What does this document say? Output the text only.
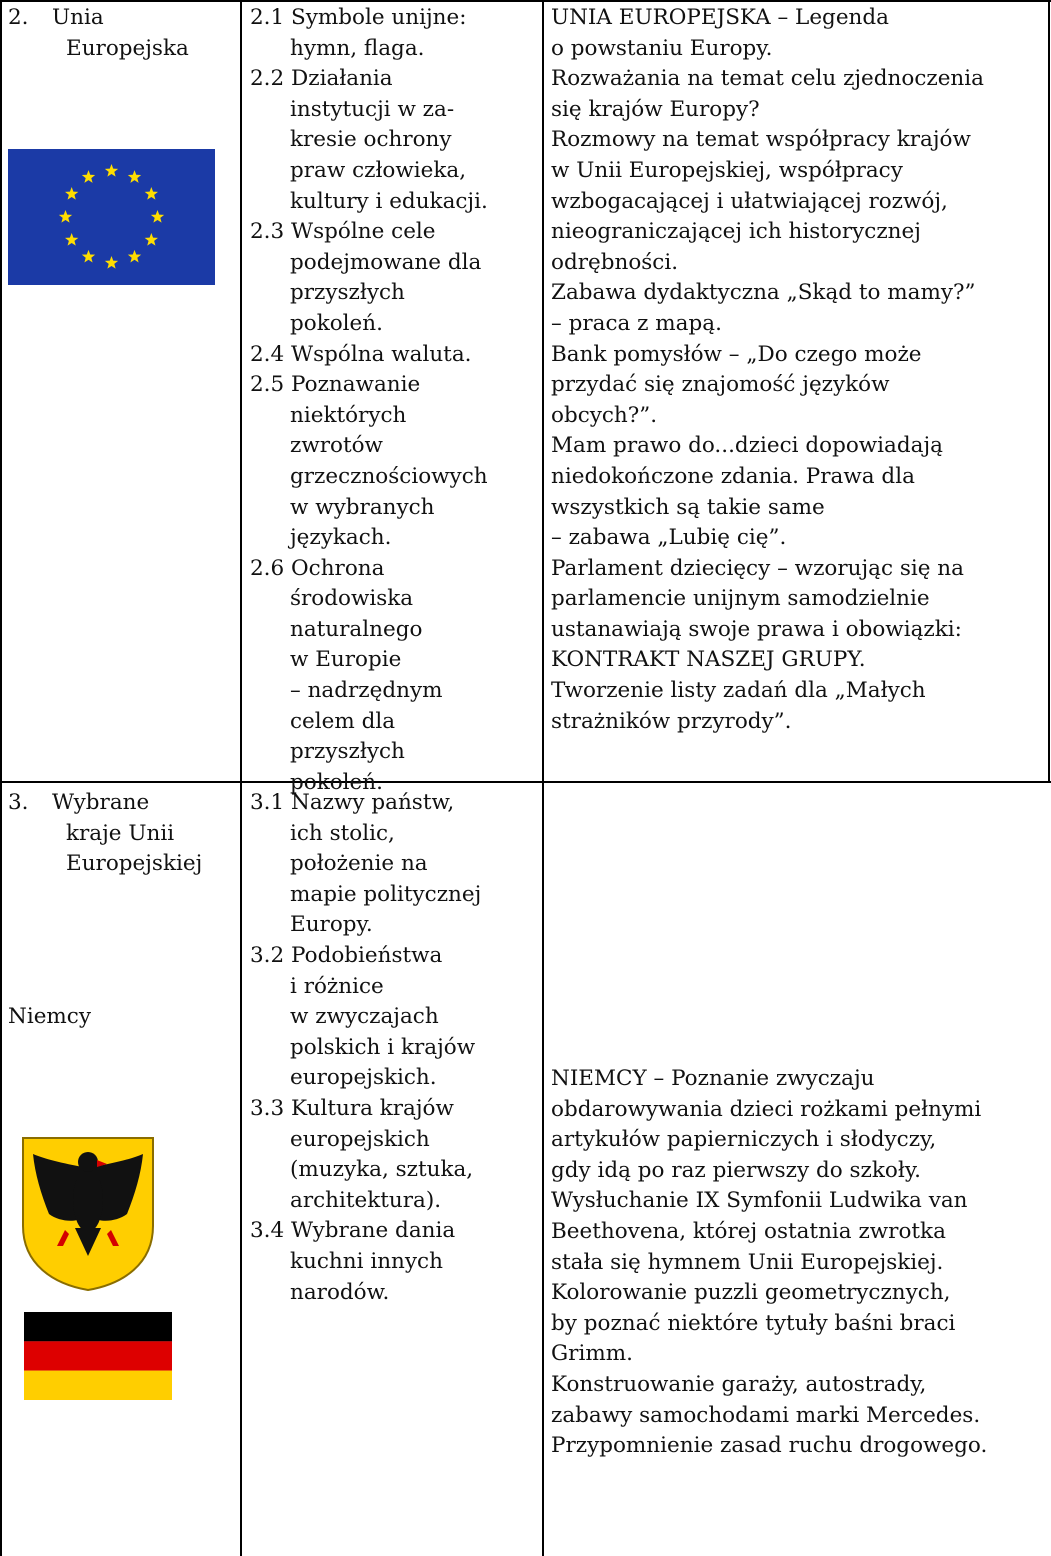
2. Unia

Europejska

2.1 Symbole unijne:

hymn, flaga.

2.2 Działania

instytucji w za-

kresie ochrony

praw człowieka,

kultury i edukacji.

2.3 Wspólne cele

podejmowane dla

przyszłych

pokoleń.

2.4 Wspólna waluta.

2.5 Poznawanie

niektórych

zwrotów

grzecznościowych

w wybranych

językach.

2.6 Ochrona

środowiska

naturalnego

w Europie

– nadrzędnym

celem dla

przyszłych

pokoleń.

UNIA EUROPEJSKA – Legenda

o powstaniu Europy.

Rozważania na temat celu zjednoczenia

się krajów Europy?

Rozmowy na temat współpracy krajów

w Unii Europejskiej, współpracy

wzbogacającej i ułatwiającej rozwój,

nieograniczającej ich historycznej

odrębności.

Zabawa dydaktyczna „Skąd to mamy?”

– praca z mapą.

Bank pomysłów – „Do czego może

przydać się znajomość języków

obcych?”.

Mam prawo do...dzieci dopowiadają

niedokończone zdania. Prawa dla

wszystkich są takie same

– zabawa „Lubię cię”.

Parlament dziecięcy – wzorując się na

parlamencie unijnym samodzielnie

ustanawiają swoje prawa i obowiązki:

KONTRAKT NASZEJ GRUPY.

Tworzenie listy zadań dla „Małych

strażników przyrody”.

3. Wybrane

kraje Unii

Europejskiej

Niemcy

3.1 Nazwy państw,

ich stolic,

położenie na

mapie politycznej

Europy.

3.2 Podobieństwa

i różnice

w zwyczajach

polskich i krajów

europejskich.

3.3 Kultura krajów

europejskich

(muzyka, sztuka,

architektura).

3.4 Wybrane dania

kuchni innych

narodów.

NIEMCY – Poznanie zwyczaju

obdarowywania dzieci rożkami pełnymi

artykułów papierniczych i słodyczy,

gdy idą po raz pierwszy do szkoły.

Wysłuchanie IX Symfonii Ludwika van

Beethovena, której ostatnia zwrotka

stała się hymnem Unii Europejskiej.

Kolorowanie puzzli geometrycznych,

by poznać niektóre tytuły baśni braci

Grimm.

Konstruowanie garaży, autostrady,

zabawy samochodami marki Mercedes.

Przypomnienie zasad ruchu drogowego.
